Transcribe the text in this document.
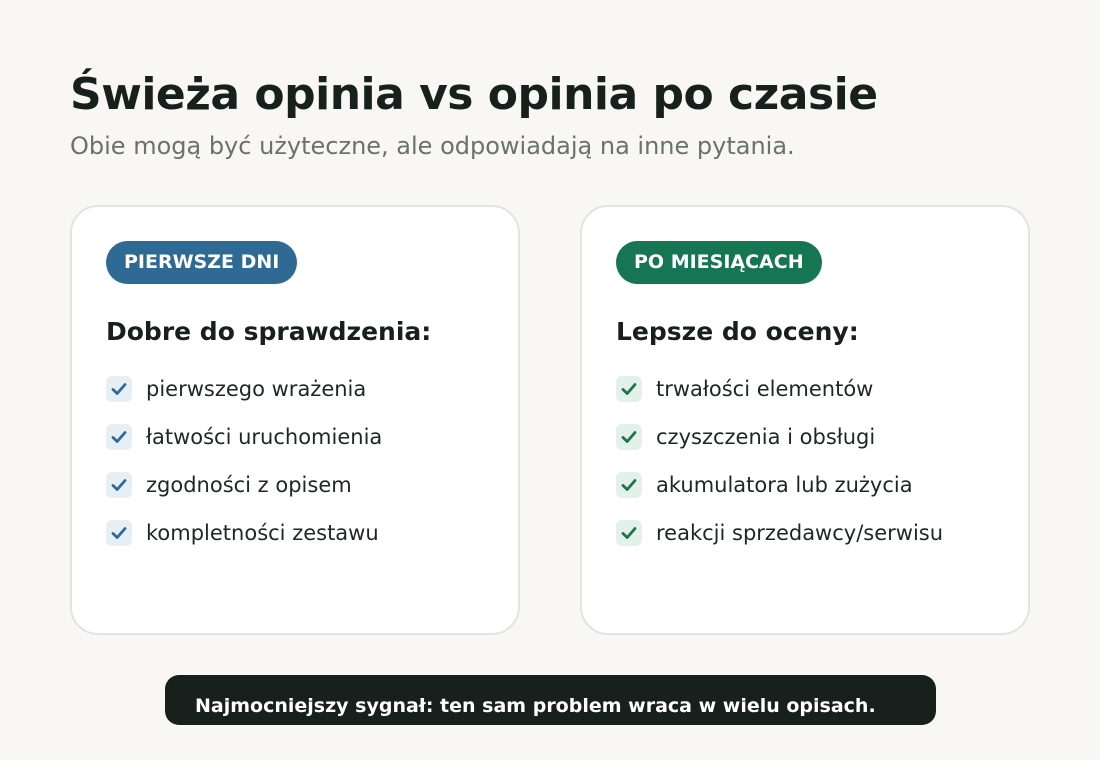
Świeża opinia vs opinia po czasie

Obie mogą być użyteczne, ale odpowiadają na inne pytania.

PIERWSZE DNI
Dobre do sprawdzenia:
pierwszego wrażenia
łatwości uruchomienia
zgodności z opisem
kompletności zestawu
PO MIESIĄCACH
Lepsze do oceny:
trwałości elementów
czyszczenia i obsługi
akumulatora lub zużycia
reakcji sprzedawcy/serwisu

Najmocniejszy sygnał: ten sam problem wraca w wielu opisach.
